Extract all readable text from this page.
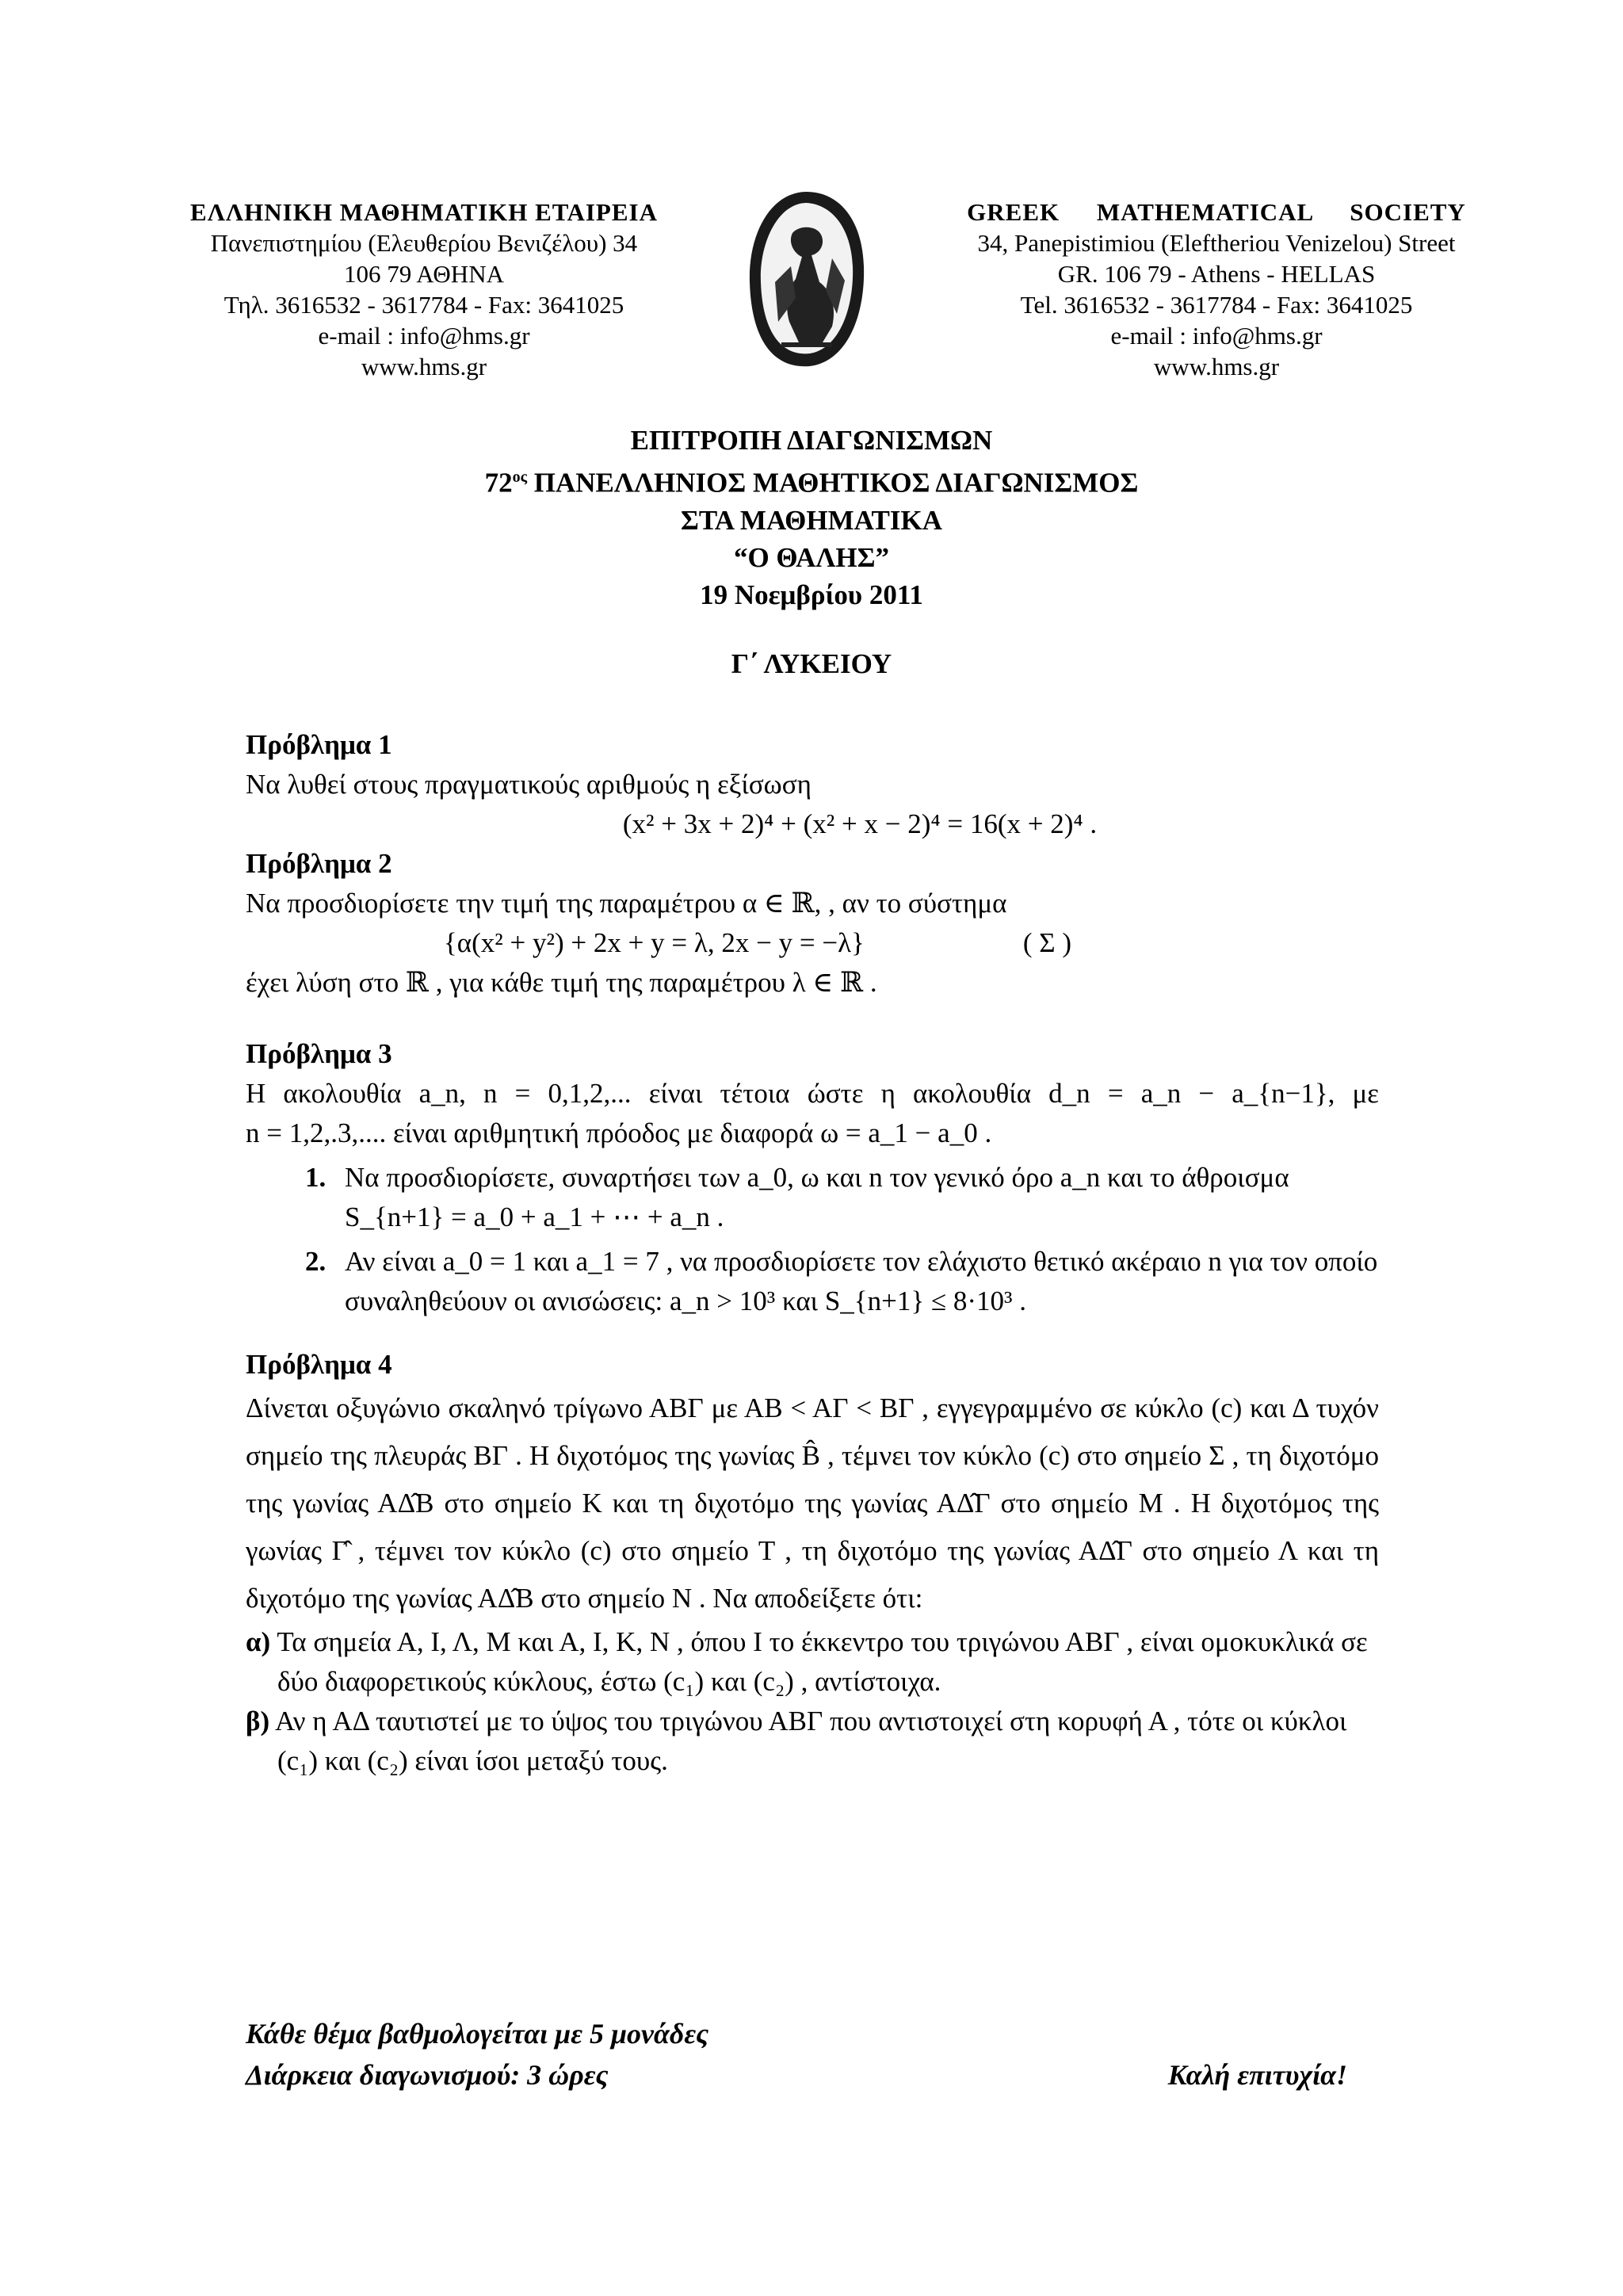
ΕΛΛΗΝΙΚΗ ΜΑΘΗΜΑΤΙΚΗ ΕΤΑΙΡΕΙΑ
Πανεπιστημίου (Ελευθερίου Βενιζέλου) 34
106 79 ΑΘΗΝΑ
Τηλ. 3616532 - 3617784 - Fax: 3641025
e-mail : info@hms.gr
www.hms.gr
GREEK MATHEMATICAL SOCIETY
34, Panepistimiou (Εleftheriou Venizelou) Street
GR. 106 79 - Athens - HELLAS
Tel. 3616532 - 3617784 - Fax: 3641025
e-mail : info@hms.gr
www.hms.gr
ΕΠΙΤΡΟΠΗ ΔΙΑΓΩΝΙΣΜΩΝ
$72^{o\varsigma}$ ΠΑΝΕΛΛΗΝΙΟΣ ΜΑΘΗΤΙΚΟΣ ΔΙΑΓΩΝΙΣΜΟΣ
ΣΤΑ ΜΑΘΗΜΑΤΙΚΑ
“Ο ΘΑΛΗΣ”
19 Νοεμβρίου 2011
Γ΄ ΛΥΚΕΙΟΥ

Πρόβλημα 1

Να λυθεί στους πραγματικούς αριθμούς η εξίσωση

(x² + 3x + 2)⁴ + (x² + x − 2)⁴ = 16(x + 2)⁴ .

Πρόβλημα 2

Να προσδιορίσετε την τιμή της παραμέτρου α ∈ ℝ, , αν το σύστημα

{α(x² + y²) + 2x + y = λ, 2x − y = −λ}	( Σ )

έχει λύση στο ℝ , για κάθε τιμή της παραμέτρου λ ∈ ℝ .

Πρόβλημα 3

Η ακολουθία a_n, n = 0,1,2,... είναι τέτοια ώστε η ακολουθία d_n = a_n − a_{n−1}, με

n = 1,2,.3,.... είναι αριθμητική πρόοδος με διαφορά ω = a_1 − a_0 .

1. Να προσδιορίσετε, συναρτήσει των a_0, ω και n τον γενικό όρο a_n και το άθροισμα S_{n+1} = a_0 + a_1 + ⋯ + a_n .

2. Αν είναι a_0 = 1 και a_1 = 7 , να προσδιορίσετε τον ελάχιστο θετικό ακέραιο n για τον οποίο συναληθεύουν οι ανισώσεις: a_n > 10³ και S_{n+1} ≤ 8·10³ .

Πρόβλημα 4

Δίνεται οξυγώνιο σκαληνό τρίγωνο ΑΒΓ με ΑΒ < ΑΓ < ΒΓ , εγγεγραμμένο σε κύκλο (c) και Δ τυχόν σημείο της πλευράς ΒΓ . Η διχοτόμος της γωνίας B̂ , τέμνει τον κύκλο (c) στο σημείο Σ , τη διχοτόμο της γωνίας ΑΔ̂Β στο σημείο Κ και τη διχοτόμο της γωνίας ΑΔ̂Γ στο σημείο Μ . Η διχοτόμος της γωνίας Γ̂ , τέμνει τον κύκλο (c) στο σημείο Τ , τη διχοτόμο της γωνίας ΑΔ̂Γ στο σημείο Λ και τη διχοτόμο της γωνίας ΑΔ̂Β στο σημείο Ν . Να αποδείξετε ότι:

α) Τα σημεία Α, Ι, Λ, Μ και Α, Ι, Κ, Ν , όπου Ι το έκκεντρο του τριγώνου ΑΒΓ , είναι ομοκυκλικά σε δύο διαφορετικούς κύκλους, έστω (c₁) και (c₂) , αντίστοιχα.

β) Αν η ΑΔ ταυτιστεί με το ύψος του τριγώνου ΑΒΓ που αντιστοιχεί στη κορυφή Α , τότε οι κύκλοι (c₁) και (c₂) είναι ίσοι μεταξύ τους.

Κάθε θέμα βαθμολογείται με 5 μονάδες
Διάρκεια διαγωνισμού: 3 ώρες	Καλή επιτυχία!
